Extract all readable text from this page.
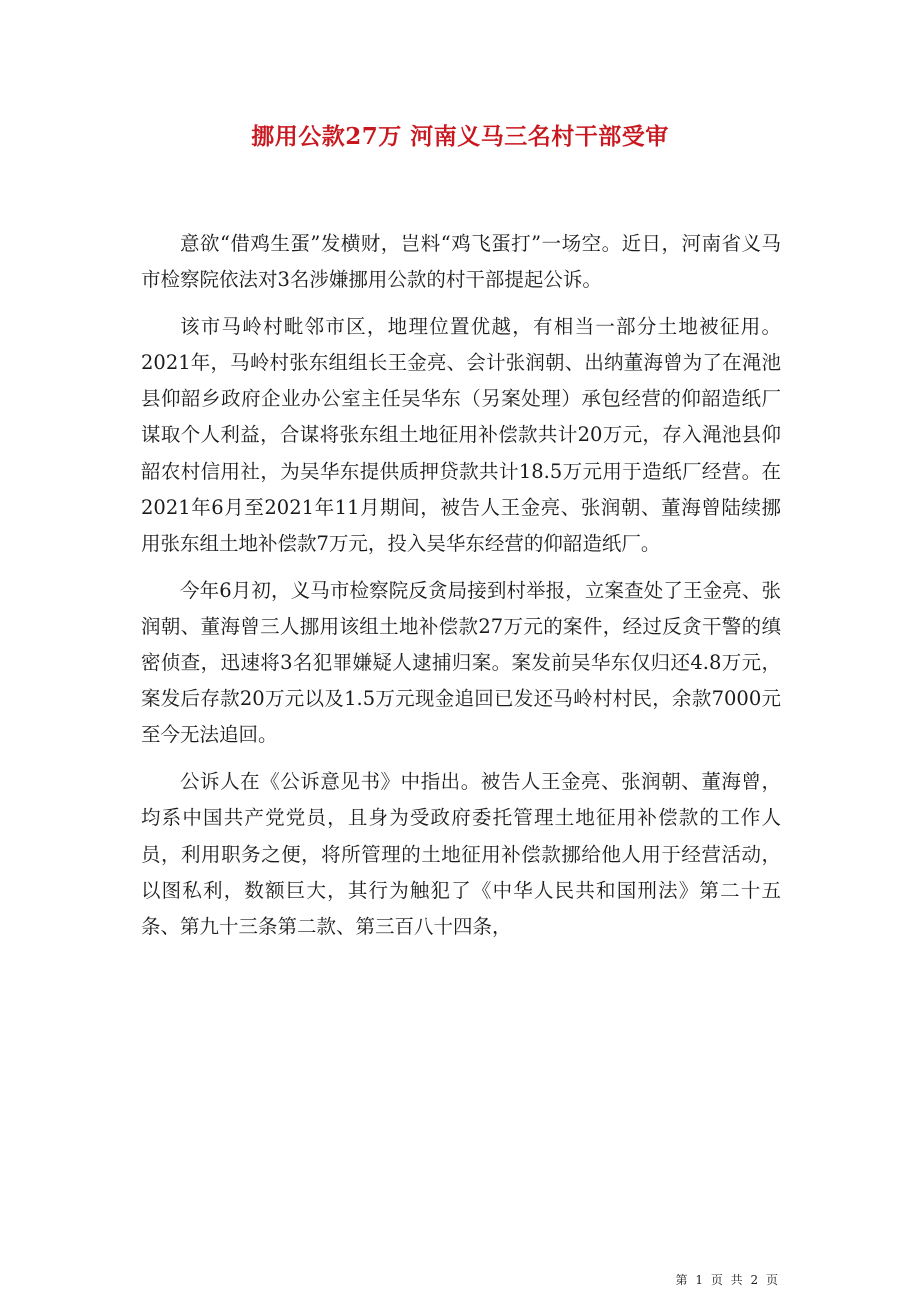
挪用公款27万 河南义马三名村干部受审

意欲“借鸡生蛋”发横财，岂料“鸡飞蛋打”一场空。近日，河南省义马市检察院依法对3名涉嫌挪用公款的村干部提起公诉。

该市马岭村毗邻市区，地理位置优越，有相当一部分土地被征用。2021年，马岭村张东组组长王金亮、会计张润朝、出纳董海曾为了在渑池县仰韶乡政府企业办公室主任吴华东（另案处理）承包经营的仰韶造纸厂谋取个人利益，合谋将张东组土地征用补偿款共计20万元，存入渑池县仰韶农村信用社，为吴华东提供质押贷款共计18.5万元用于造纸厂经营。在2021年6月至2021年11月期间，被告人王金亮、张润朝、董海曾陆续挪用张东组土地补偿款7万元，投入吴华东经营的仰韶造纸厂。

今年6月初，义马市检察院反贪局接到村举报，立案查处了王金亮、张润朝、董海曾三人挪用该组土地补偿款27万元的案件，经过反贪干警的缜密侦查，迅速将3名犯罪嫌疑人逮捕归案。案发前吴华东仅归还4.8万元，案发后存款20万元以及1.5万元现金追回已发还马岭村村民，余款7000元至今无法追回。

公诉人在《公诉意见书》中指出。被告人王金亮、张润朝、董海曾，均系中国共产党党员，且身为受政府委托管理土地征用补偿款的工作人员，利用职务之便，将所管理的土地征用补偿款挪给他人用于经营活动，以图私利，数额巨大，其行为触犯了《中华人民共和国刑法》第二十五条、第九十三条第二款、第三百八十四条，

第 1 页 共 2 页
